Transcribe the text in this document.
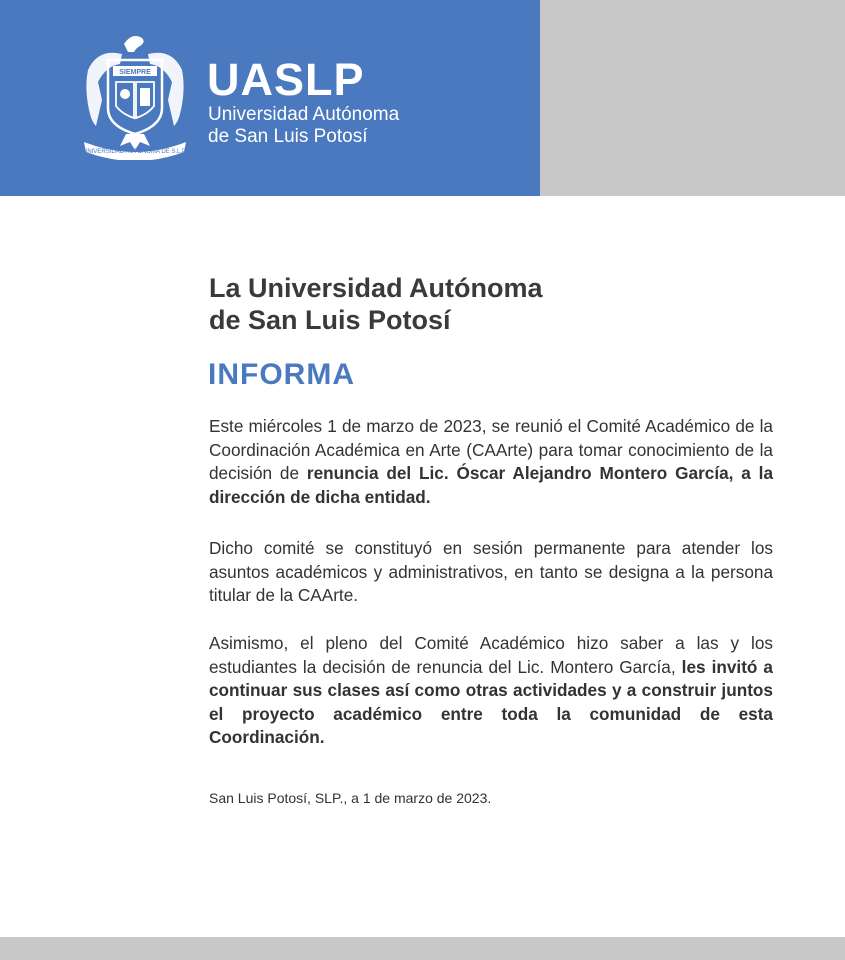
SIEMPRE
UNIVERSIDAD AUTONOMA DE S.L.P.
UASLP
Universidad Autónoma
de San Luis Potosí
La Universidad Autónoma
de San Luis Potosí
INFORMA
Este miércoles 1 de marzo de 2023, se reunió el Comité Académico de la Coordinación Académica en Arte (CAArte) para tomar conocimiento de la decisión de renuncia del Lic. Óscar Alejandro Montero García, a la dirección de dicha entidad.
Dicho comité se constituyó en sesión permanente para atender los asuntos académicos y administrativos, en tanto se designa a la persona titular de la CAArte.
Asimismo, el pleno del Comité Académico hizo saber a las y los estudiantes la decisión de renuncia del Lic. Montero García, les invitó a continuar sus clases así como otras actividades y a construir juntos el proyecto académico entre toda la comunidad de esta Coordinación.
San Luis Potosí, SLP., a 1 de marzo de 2023.
